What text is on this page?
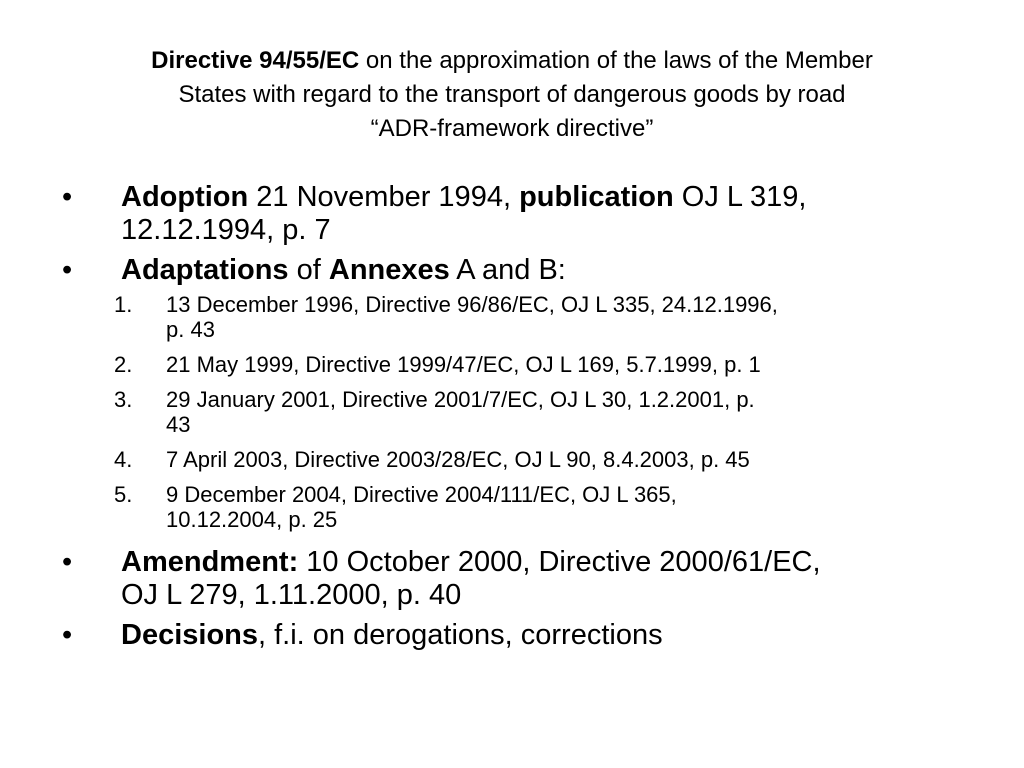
Directive 94/55/EC on the approximation of the laws of the Member
States with regard to the transport of dangerous goods by road
“ADR-framework directive”
• Adoption 21 November 1994, publication OJ L 319,
12.12.1994, p. 7
• Adaptations of Annexes A and B:
1. 13 December 1996, Directive 96/86/EC, OJ L 335, 24.12.1996,
p. 43
2. 21 May 1999, Directive 1999/47/EC, OJ L 169, 5.7.1999, p. 1
3. 29 January 2001, Directive 2001/7/EC, OJ L 30, 1.2.2001, p.
43
4. 7 April 2003, Directive 2003/28/EC, OJ L 90, 8.4.2003, p. 45
5. 9 December 2004, Directive 2004/111/EC, OJ L 365,
10.12.2004, p. 25
• Amendment: 10 October 2000, Directive 2000/61/EC,
OJ L 279, 1.11.2000, p. 40
• Decisions, f.i. on derogations, corrections
